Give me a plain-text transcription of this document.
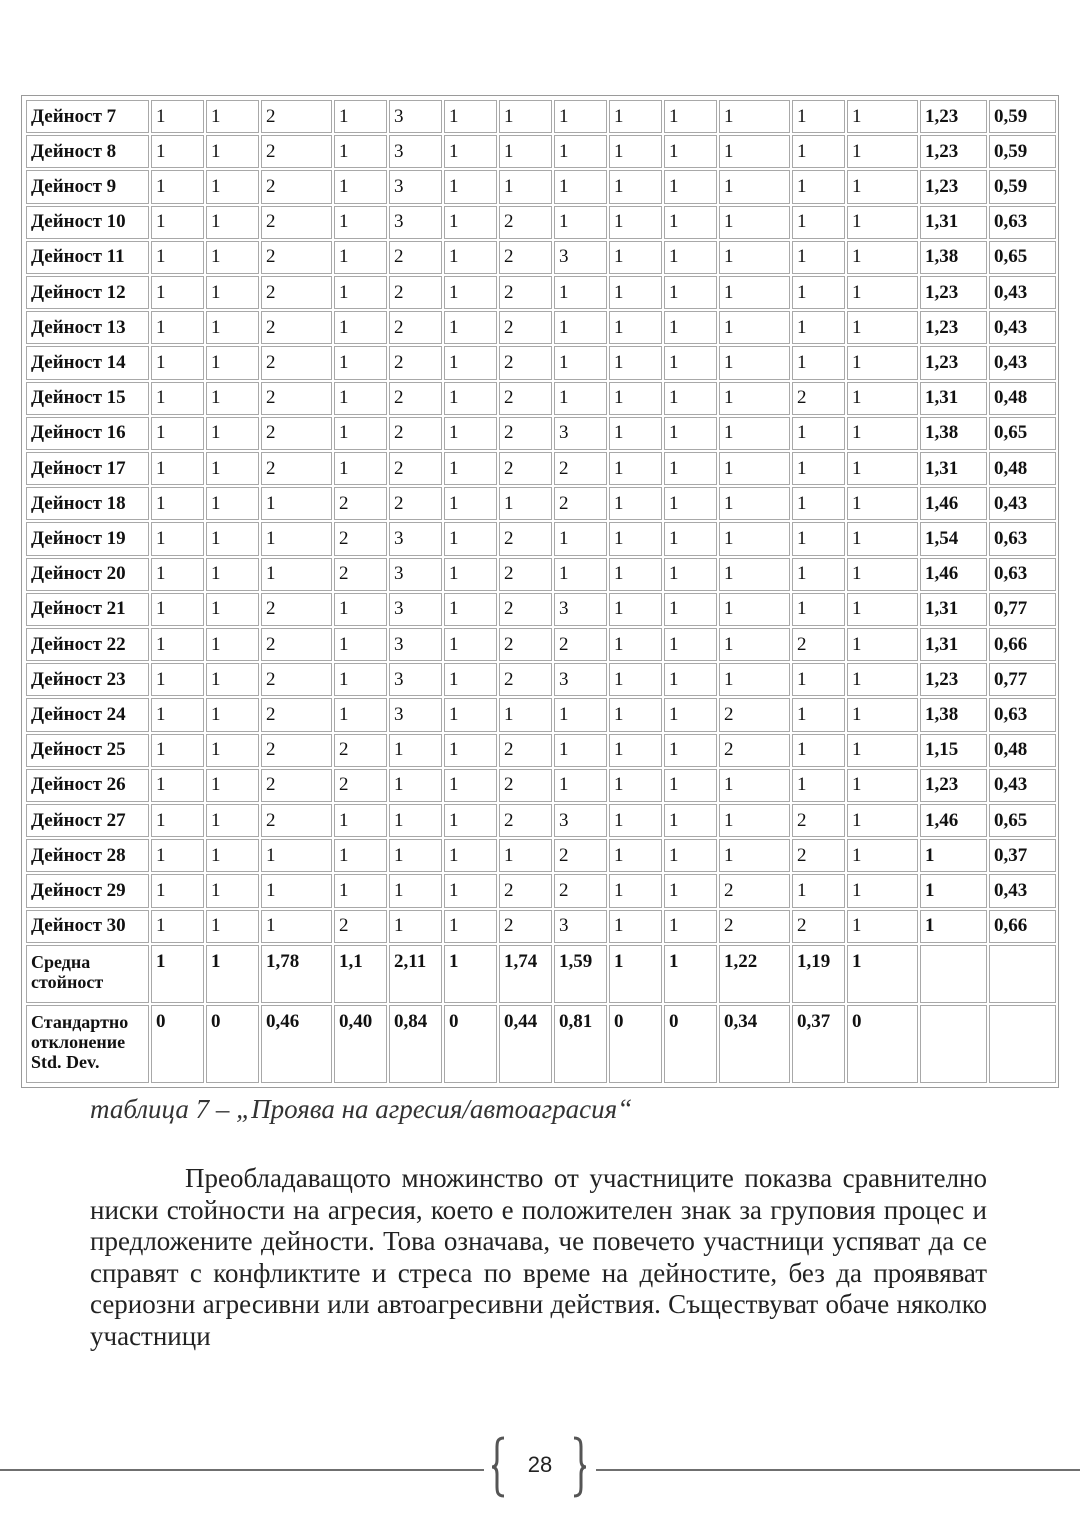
Дейност 7	1	1	2	1	3	1	1	1	1	1	1	1	1	1,23	0,59
Дейност 8	1	1	2	1	3	1	1	1	1	1	1	1	1	1,23	0,59
Дейност 9	1	1	2	1	3	1	1	1	1	1	1	1	1	1,23	0,59
Дейност 10	1	1	2	1	3	1	2	1	1	1	1	1	1	1,31	0,63
Дейност 11	1	1	2	1	2	1	2	3	1	1	1	1	1	1,38	0,65
Дейност 12	1	1	2	1	2	1	2	1	1	1	1	1	1	1,23	0,43
Дейност 13	1	1	2	1	2	1	2	1	1	1	1	1	1	1,23	0,43
Дейност 14	1	1	2	1	2	1	2	1	1	1	1	1	1	1,23	0,43
Дейност 15	1	1	2	1	2	1	2	1	1	1	1	2	1	1,31	0,48
Дейност 16	1	1	2	1	2	1	2	3	1	1	1	1	1	1,38	0,65
Дейност 17	1	1	2	1	2	1	2	2	1	1	1	1	1	1,31	0,48
Дейност 18	1	1	1	2	2	1	1	2	1	1	1	1	1	1,46	0,43
Дейност 19	1	1	1	2	3	1	2	1	1	1	1	1	1	1,54	0,63
Дейност 20	1	1	1	2	3	1	2	1	1	1	1	1	1	1,46	0,63
Дейност 21	1	1	2	1	3	1	2	3	1	1	1	1	1	1,31	0,77
Дейност 22	1	1	2	1	3	1	2	2	1	1	1	2	1	1,31	0,66
Дейност 23	1	1	2	1	3	1	2	3	1	1	1	1	1	1,23	0,77
Дейност 24	1	1	2	1	3	1	1	1	1	1	2	1	1	1,38	0,63
Дейност 25	1	1	2	2	1	1	2	1	1	1	2	1	1	1,15	0,48
Дейност 26	1	1	2	2	1	1	2	1	1	1	1	1	1	1,23	0,43
Дейност 27	1	1	2	1	1	1	2	3	1	1	1	2	1	1,46	0,65
Дейност 28	1	1	1	1	1	1	1	2	1	1	1	2	1	1	0,37
Дейност 29	1	1	1	1	1	1	2	2	1	1	2	1	1	1	0,43
Дейност 30	1	1	1	2	1	1	2	3	1	1	2	2	1	1	0,66
Средна стойност	1	1	1,78	1,1	2,11	1	1,74	1,59	1	1	1,22	1,19	1		
Стандартно отклонение Std. Dev.	0	0	0,46	0,40	0,84	0	0,44	0,81	0	0	0,34	0,37	0		
таблица 7 – „Проява на агресия/автоаграсия“

Преобладаващото множинство от участниците показва сравнително ниски стойности на агресия, което е положителен знак за груповия процес и предложените дейности. Това означава, че повечето участници успяват да се справят с конфликтите и стреса по време на дейностите, без да проявяват сериозни агресивни или автоагресивни действия. Съществуват обаче няколко участници

28
